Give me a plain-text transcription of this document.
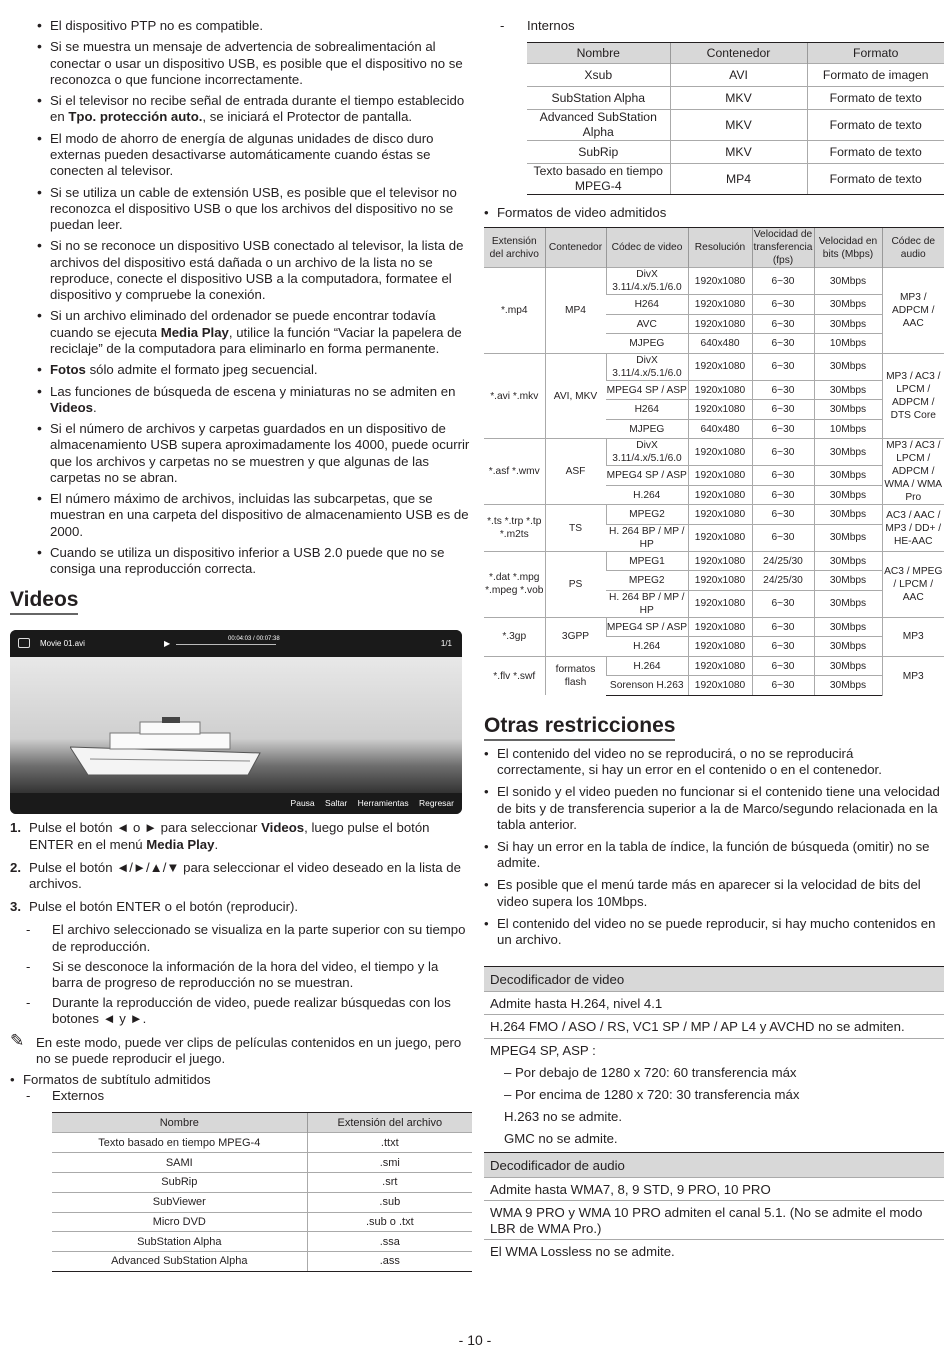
• El dispositivo PTP no es compatible.
• Si se muestra un mensaje de advertencia de sobrealimentación al conectar o usar un dispositivo USB, es posible que el dispositivo no se reconozca o que funcione incorrectamente.
• Si el televisor no recibe señal de entrada durante el tiempo establecido en Tpo. protección auto., se iniciará el Protector de pantalla.
• El modo de ahorro de energía de algunas unidades de disco duro externas pueden desactivarse automáticamente cuando éstas se conecten al televisor.
• Si se utiliza un cable de extensión USB, es posible que el televisor no reconozca el dispositivo USB o que los archivos del dispositivo no se puedan leer.
• Si no se reconoce un dispositivo USB conectado al televisor, la lista de archivos del dispositivo está dañada o un archivo de la lista no se reproduce, conecte el dispositivo USB a la computadora, formatee el dispositivo y compruebe la conexión.
• Si un archivo eliminado del ordenador se puede encontrar todavía cuando se ejecuta Media Play, utilice la función “Vaciar la papelera de reciclaje” de la computadora para eliminarlo en forma permanente.
• Fotos sólo admite el formato jpeg secuencial.
• Las funciones de búsqueda de escena y miniaturas no se admiten en Videos.
• Si el número de archivos y carpetas guardados en un dispositivo de almacenamiento USB supera aproximadamente los 4000, puede ocurrir que los archivos y carpetas no se muestren y que algunas de las carpetas no se abran.
• El número máximo de archivos, incluidas las subcarpetas, que se muestran en una carpeta del dispositivo de almacenamiento USB es de 2000.
• Cuando se utiliza un dispositivo inferior a USB 2.0 puede que no se consiga una reproducción correcta.
Videos
Movie 01.avi	▶	00:04:03 / 00:07:38	1/1
Pausa Saltar Herramientas Regresar
1. Pulse el botón ◄ o ► para seleccionar Videos, luego pulse el botón ENTER en el menú Media Play.
2. Pulse el botón ◄/►/▲/▼ para seleccionar el video deseado en la lista de archivos.
3. Pulse el botón ENTER o el botón (reproducir).
- El archivo seleccionado se visualiza en la parte superior con su tiempo de reproducción.
- Si se desconoce la información de la hora del video, el tiempo y la barra de progreso de reproducción no se muestran.
- Durante la reproducción de video, puede realizar búsquedas con los botones ◄ y ►.
✎ En este modo, puede ver clips de películas contenidos en un juego, pero no se puede reproducir el juego.
• Formatos de subtítulo admitidos
- Externos
Nombre	Extensión del archivo
Texto basado en tiempo MPEG-4	.ttxt
SAMI	.smi
SubRip	.srt
SubViewer	.sub
Micro DVD	.sub o .txt
SubStation Alpha	.ssa
Advanced SubStation Alpha	.ass
- Internos
Nombre	Contenedor	Formato
Xsub	AVI	Formato de imagen
SubStation Alpha	MKV	Formato de texto
Advanced SubStation Alpha	MKV	Formato de texto
SubRip	MKV	Formato de texto
Texto basado en tiempo MPEG-4	MP4	Formato de texto
• Formatos de video admitidos
Extensión del archivo	Contenedor	Códec de video	Resolución	Velocidad de transferencia (fps)	Velocidad en bits (Mbps)	Códec de audio
*.mp4	MP4	DivX 3.11/4.x/5.1/6.0	1920x1080	6~30	30Mbps	MP3 / ADPCM / AAC
		H264	1920x1080	6~30	30Mbps	
		AVC	1920x1080	6~30	30Mbps	
		MJPEG	640x480	6~30	10Mbps	
*.avi *.mkv	AVI, MKV	DivX 3.11/4.x/5.1/6.0	1920x1080	6~30	30Mbps	MP3 / AC3 / LPCM / ADPCM / DTS Core
		MPEG4 SP / ASP	1920x1080	6~30	30Mbps	
		H264	1920x1080	6~30	30Mbps	
		MJPEG	640x480	6~30	10Mbps	
*.asf *.wmv	ASF	DivX 3.11/4.x/5.1/6.0	1920x1080	6~30	30Mbps	MP3 / AC3 / LPCM / ADPCM / WMA / WMA Pro
		MPEG4 SP / ASP	1920x1080	6~30	30Mbps	
		H.264	1920x1080	6~30	30Mbps	
*.ts *.trp *.tp *.m2ts	TS	MPEG2	1920x1080	6~30	30Mbps	AC3 / AAC / MP3 / DD+ / HE-AAC
		H. 264 BP / MP / HP	1920x1080	6~30	30Mbps	
*.dat *.mpg *.mpeg *.vob	PS	MPEG1	1920x1080	24/25/30	30Mbps	AC3 / MPEG / LPCM / AAC
		MPEG2	1920x1080	24/25/30	30Mbps	
		H. 264 BP / MP / HP	1920x1080	6~30	30Mbps	
*.3gp	3GPP	MPEG4 SP / ASP	1920x1080	6~30	30Mbps	MP3
		H.264	1920x1080	6~30	30Mbps	
*.flv *.swf	formatos flash	H.264	1920x1080	6~30	30Mbps	MP3
		Sorenson H.263	1920x1080	6~30	30Mbps	
Otras restricciones
• El contenido del video no se reproducirá, o no se reproducirá correctamente, si hay un error en el contenido o en el contenedor.
• El sonido y el video pueden no funcionar si el contenido tiene una velocidad de bits y de transferencia superior a la de Marco/segundo relacionada en la tabla anterior.
• Si hay un error en la tabla de índice, la función de búsqueda (omitir) no se admite.
• Es posible que el menú tarde más en aparecer si la velocidad de bits del video supera los 10Mbps.
• El contenido del video no se puede reproducir, si hay mucho contenidos en un archivo.
Decodificador de video
Admite hasta H.264, nivel 4.1
H.264 FMO / ASO / RS, VC1 SP / MP / AP L4 y AVCHD no se admiten.
MPEG4 SP, ASP :
– Por debajo de 1280 x 720: 60 transferencia máx
– Por encima de 1280 x 720: 30 transferencia máx
H.263 no se admite.
GMC no se admite.
Decodificador de audio
Admite hasta WMA7, 8, 9 STD, 9 PRO, 10 PRO
WMA 9 PRO y WMA 10 PRO admiten el canal 5.1. (No se admite el modo LBR de WMA Pro.)
El WMA Lossless no se admite.
- 10 -
